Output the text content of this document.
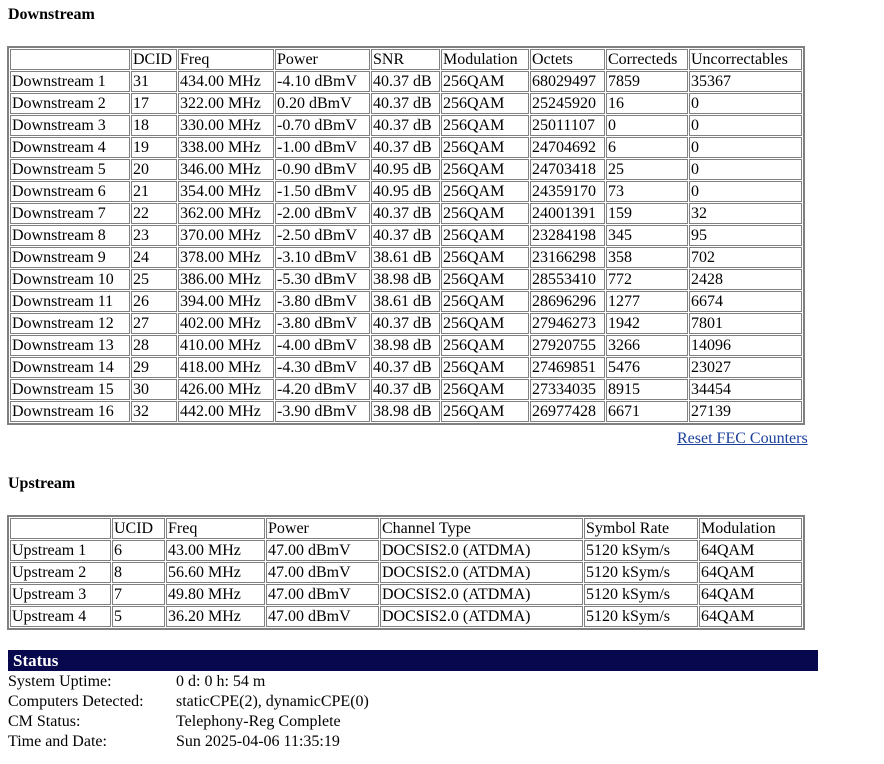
Downstream
	DCID	Freq	Power	SNR	Modulation	Octets	Correcteds	Uncorrectables
Downstream 1	31	434.00 MHz	-4.10 dBmV	40.37 dB	256QAM	68029497	7859	35367
Downstream 2	17	322.00 MHz	0.20 dBmV	40.37 dB	256QAM	25245920	16	0
Downstream 3	18	330.00 MHz	-0.70 dBmV	40.37 dB	256QAM	25011107	0	0
Downstream 4	19	338.00 MHz	-1.00 dBmV	40.37 dB	256QAM	24704692	6	0
Downstream 5	20	346.00 MHz	-0.90 dBmV	40.95 dB	256QAM	24703418	25	0
Downstream 6	21	354.00 MHz	-1.50 dBmV	40.95 dB	256QAM	24359170	73	0
Downstream 7	22	362.00 MHz	-2.00 dBmV	40.37 dB	256QAM	24001391	159	32
Downstream 8	23	370.00 MHz	-2.50 dBmV	40.37 dB	256QAM	23284198	345	95
Downstream 9	24	378.00 MHz	-3.10 dBmV	38.61 dB	256QAM	23166298	358	702
Downstream 10	25	386.00 MHz	-5.30 dBmV	38.98 dB	256QAM	28553410	772	2428
Downstream 11	26	394.00 MHz	-3.80 dBmV	38.61 dB	256QAM	28696296	1277	6674
Downstream 12	27	402.00 MHz	-3.80 dBmV	40.37 dB	256QAM	27946273	1942	7801
Downstream 13	28	410.00 MHz	-4.00 dBmV	38.98 dB	256QAM	27920755	3266	14096
Downstream 14	29	418.00 MHz	-4.30 dBmV	40.37 dB	256QAM	27469851	5476	23027
Downstream 15	30	426.00 MHz	-4.20 dBmV	40.37 dB	256QAM	27334035	8915	34454
Downstream 16	32	442.00 MHz	-3.90 dBmV	38.98 dB	256QAM	26977428	6671	27139
Reset FEC Counters
Upstream
	UCID	Freq	Power	Channel Type	Symbol Rate	Modulation
Upstream 1	6	43.00 MHz	47.00 dBmV	DOCSIS2.0 (ATDMA)	5120 kSym/s	64QAM
Upstream 2	8	56.60 MHz	47.00 dBmV	DOCSIS2.0 (ATDMA)	5120 kSym/s	64QAM
Upstream 3	7	49.80 MHz	47.00 dBmV	DOCSIS2.0 (ATDMA)	5120 kSym/s	64QAM
Upstream 4	5	36.20 MHz	47.00 dBmV	DOCSIS2.0 (ATDMA)	5120 kSym/s	64QAM
Status
System Uptime:	0 d: 0 h: 54 m
Computers Detected:	staticCPE(2), dynamicCPE(0)
CM Status:	Telephony-Reg Complete
Time and Date:	Sun 2025-04-06 11:35:19
